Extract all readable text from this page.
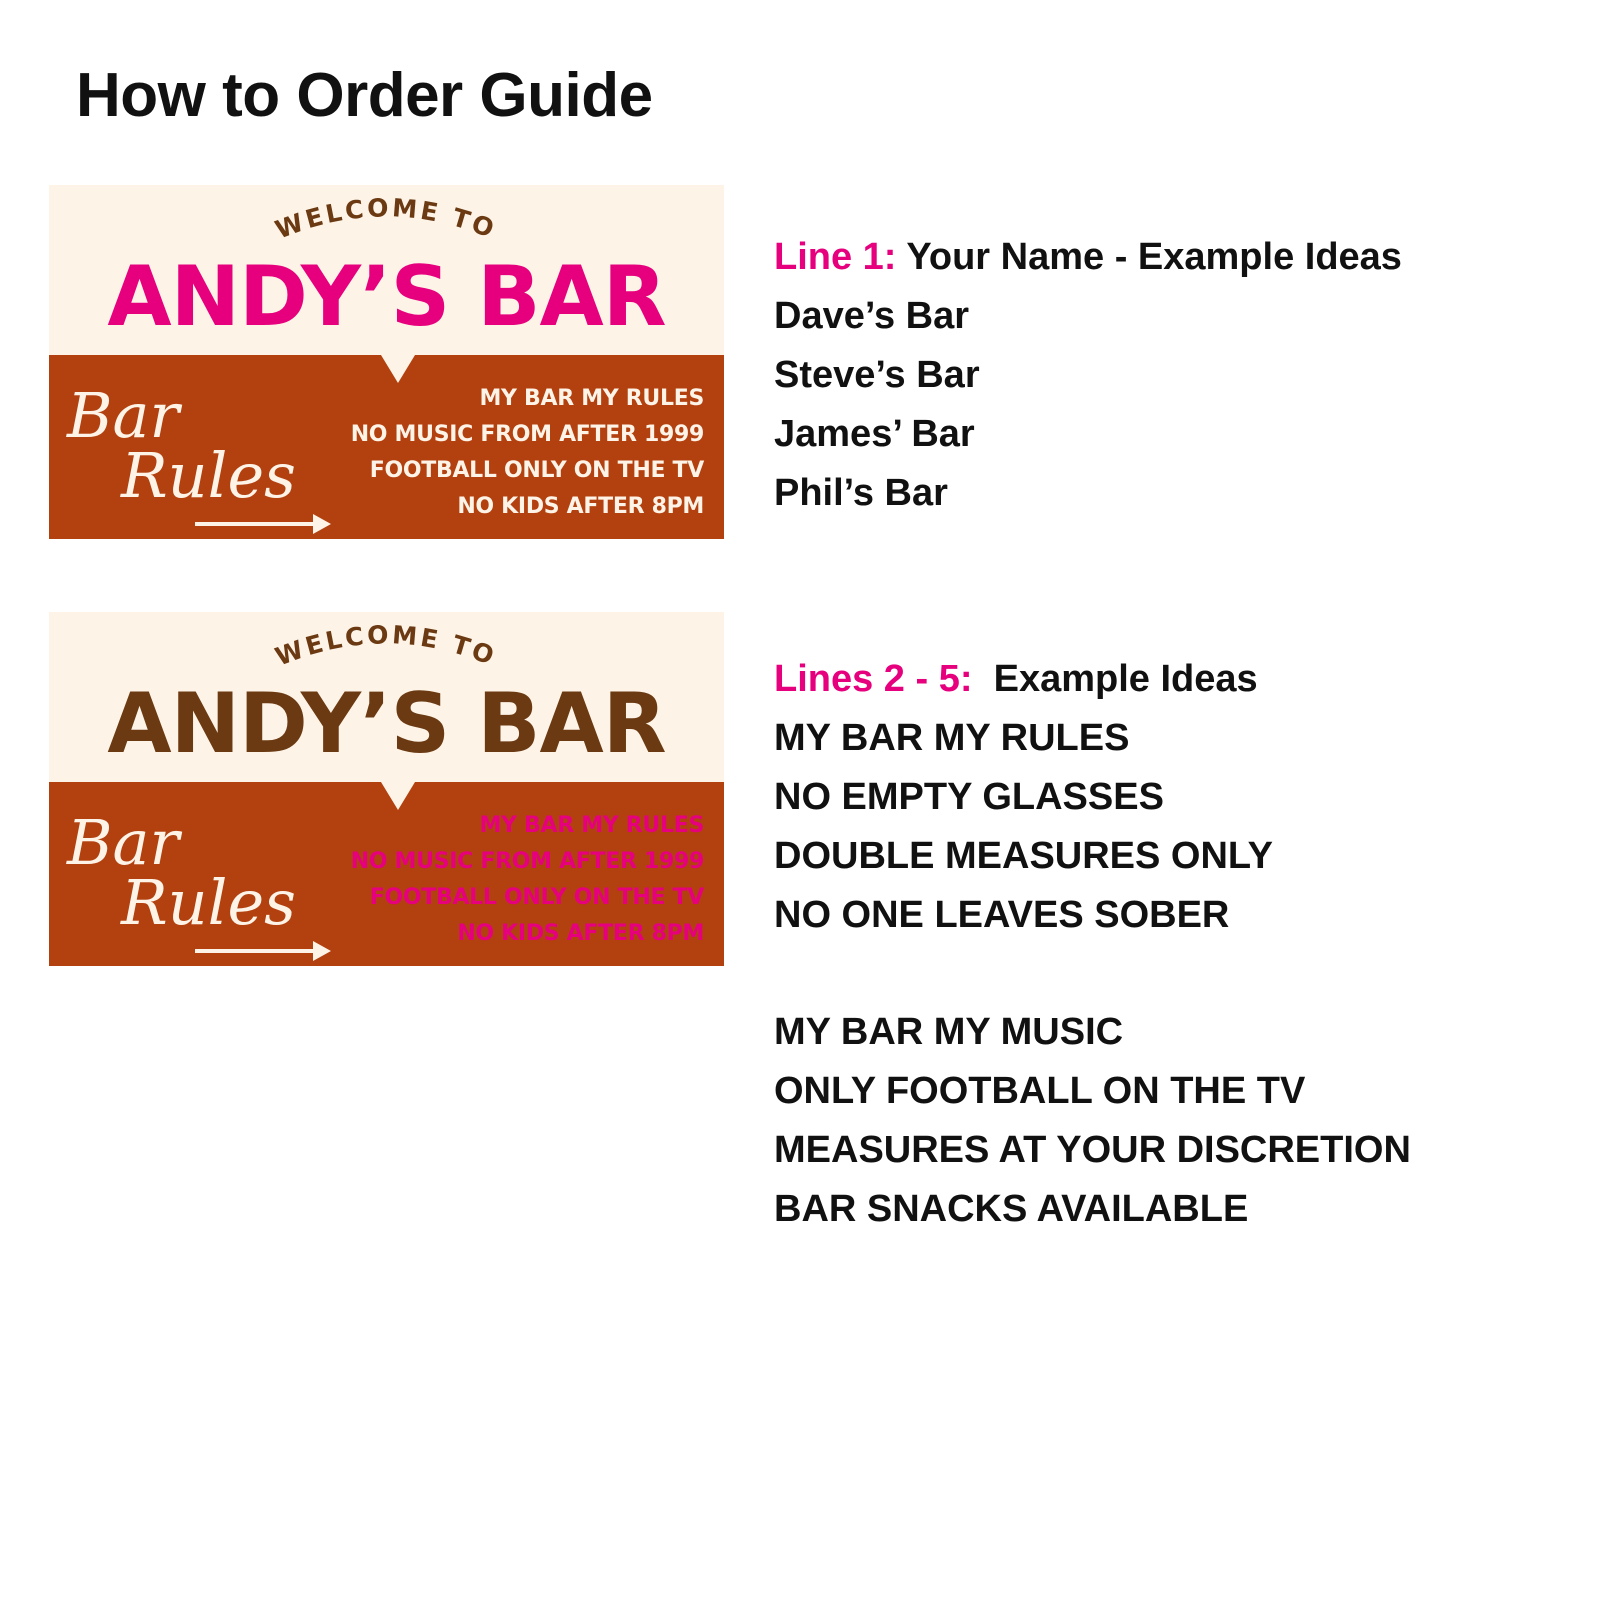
How to Order Guide
WELCOME TO
ANDY’S BAR
Bar
Rules
MY BAR MY RULES
NO MUSIC FROM AFTER 1999
FOOTBALL ONLY ON THE TV
NO KIDS AFTER 8PM
WELCOME TO
ANDY’S BAR
Bar
Rules
MY BAR MY RULES
NO MUSIC FROM AFTER 1999
FOOTBALL ONLY ON THE TV
NO KIDS AFTER 8PM
Line 1: Your Name - Example Ideas
Dave’s Bar
Steve’s Bar
James’ Bar
Phil’s Bar
Lines 2 - 5:  Example Ideas
MY BAR MY RULES
NO EMPTY GLASSES
DOUBLE MEASURES ONLY
NO ONE LEAVES SOBER
MY BAR MY MUSIC
ONLY FOOTBALL ON THE TV
MEASURES AT YOUR DISCRETION
BAR SNACKS AVAILABLE
